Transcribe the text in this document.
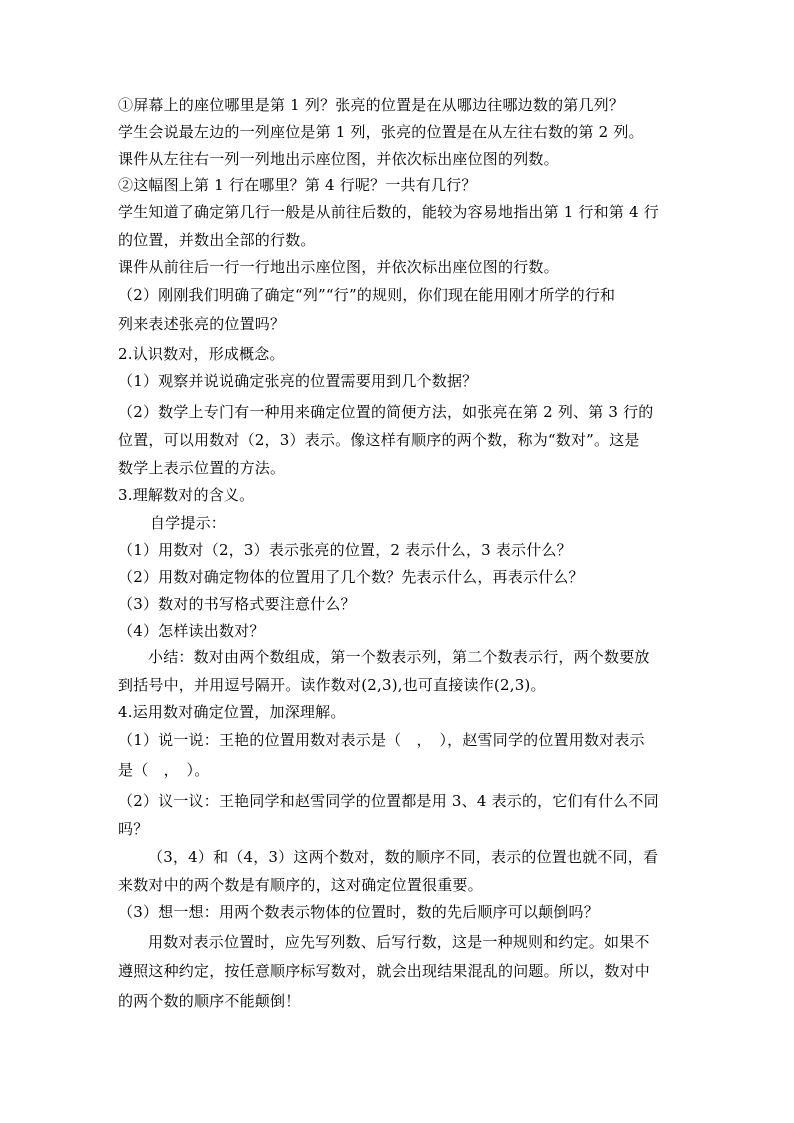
①屏幕上的座位哪里是第 1 列？张亮的位置是在从哪边往哪边数的第几列？
学生会说最左边的一列座位是第 1 列，张亮的位置是在从左往右数的第 2 列。
课件从左往右一列一列地出示座位图，并依次标出座位图的列数。
②这幅图上第 1 行在哪里？第 4 行呢？一共有几行？
学生知道了确定第几行一般是从前往后数的，能较为容易地指出第 1 行和第 4 行
的位置，并数出全部的行数。
课件从前往后一行一行地出示座位图，并依次标出座位图的行数。
（2）刚刚我们明确了确定“列”“行”的规则，你们现在能用刚才所学的行和
列来表述张亮的位置吗？
2.认识数对，形成概念。
（1）观察并说说确定张亮的位置需要用到几个数据？
（2）数学上专门有一种用来确定位置的简便方法，如张亮在第 2 列、第 3 行的
位置，可以用数对（2，3）表示。像这样有顺序的两个数，称为“数对”。这是
数学上表示位置的方法。
3.理解数对的含义。
自学提示：
（1）用数对（2，3）表示张亮的位置，2 表示什么，3 表示什么？
（2）用数对确定物体的位置用了几个数？先表示什么，再表示什么？
（3）数对的书写格式要注意什么？
（4）怎样读出数对？
小结：数对由两个数组成，第一个数表示列，第二个数表示行，两个数要放
到括号中，并用逗号隔开。读作数对(2,3),也可直接读作(2,3)。
4.运用数对确定位置，加深理解。
（1）说一说：王艳的位置用数对表示是（　，　），赵雪同学的位置用数对表示
是（　，　）。
（2）议一议：王艳同学和赵雪同学的位置都是用 3、4 表示的，它们有什么不同
吗？
（3，4）和（4，3）这两个数对，数的顺序不同，表示的位置也就不同，看
来数对中的两个数是有顺序的，这对确定位置很重要。
（3）想一想：用两个数表示物体的位置时，数的先后顺序可以颠倒吗？
用数对表示位置时，应先写列数、后写行数，这是一种规则和约定。如果不
遵照这种约定，按任意顺序标写数对，就会出现结果混乱的问题。所以，数对中
的两个数的顺序不能颠倒！
